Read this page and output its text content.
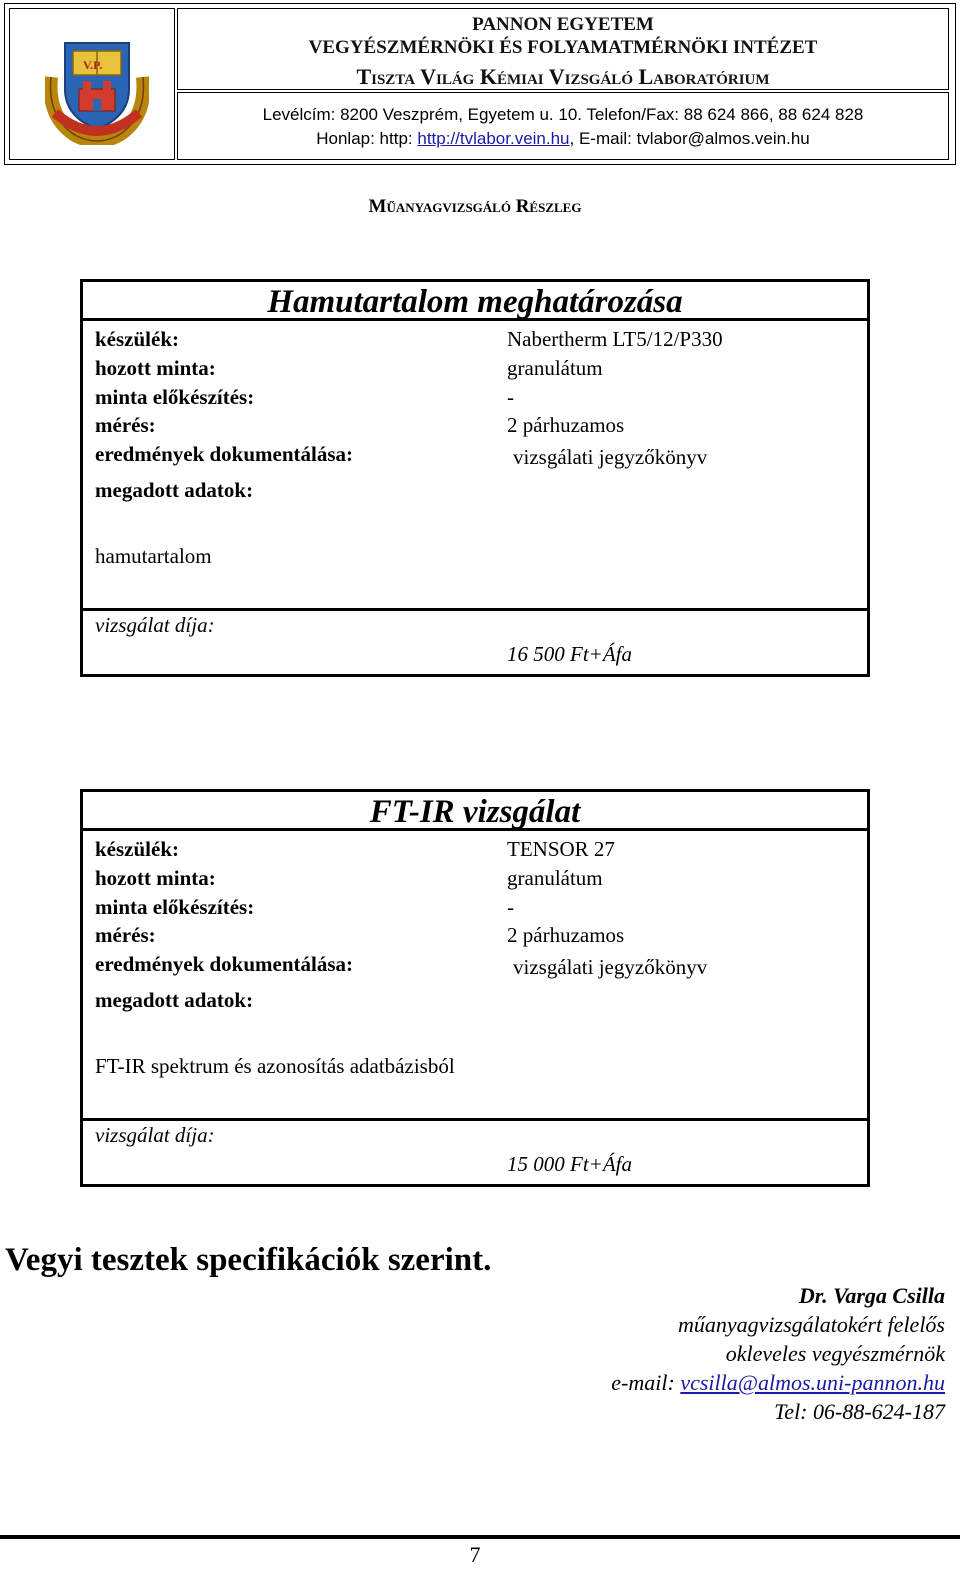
V.P.
PANNON EGYETEM
VEGYÉSZMÉRNÖKI ÉS FOLYAMATMÉRNÖKI INTÉZET
Tiszta Világ Kémiai Vizsgáló Laboratórium
Levélcím: 8200 Veszprém, Egyetem u. 10. Telefon/Fax: 88 624 866, 88 624 828
Honlap: http: http://tvlabor.vein.hu, E-mail: tvlabor@almos.vein.hu
Műanyagvizsgáló Részleg
Hamutartalom meghatározása
készülék:	Nabertherm LT5/12/P330
hozott minta:	granulátum
minta előkészítés:	-
mérés:	2 párhuzamos
eredmények dokumentálása:	vizsgálati jegyzőkönyv
megadott adatok:
hamutartalom
vizsgálat díja:
16 500 Ft+Áfa
FT-IR vizsgálat
készülék:	TENSOR 27
hozott minta:	granulátum
minta előkészítés:	-
mérés:	2 párhuzamos
eredmények dokumentálása:	vizsgálati jegyzőkönyv
megadott adatok:
FT-IR spektrum és azonosítás adatbázisból
vizsgálat díja:
15 000 Ft+Áfa
Vegyi tesztek specifikációk szerint.
Dr. Varga Csilla
műanyagvizsgálatokért felelős
okleveles vegyészmérnök
e-mail: vcsilla@almos.uni-pannon.hu
Tel: 06-88-624-187
7
